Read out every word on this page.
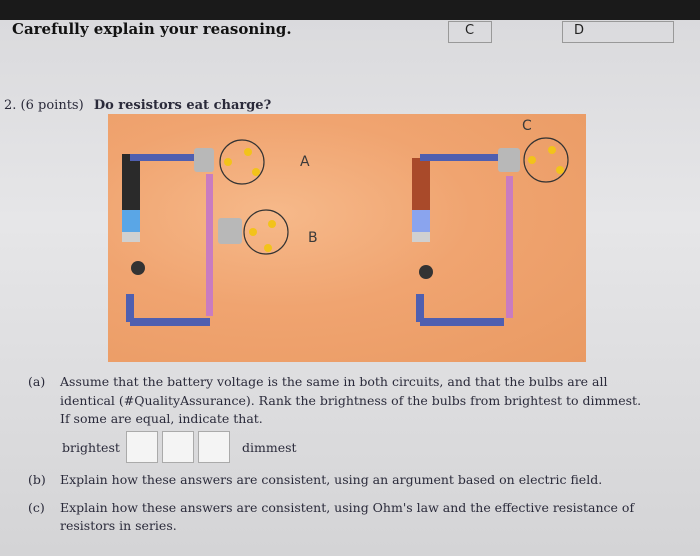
Carefully explain your reasoning.	C	D
2. (6 points) Do resistors eat charge?
A
B
C
(a) Assume that the battery voltage is the same in both circuits, and that the bulbs are all
identical (#QualityAssurance). Rank the brightness of the bulbs from brightest to dimmest.
If some are equal, indicate that.
brightest	dimmest
(b) Explain how these answers are consistent, using an argument based on electric field.
(c) Explain how these answers are consistent, using Ohm's law and the effective resistance of
resistors in series.
